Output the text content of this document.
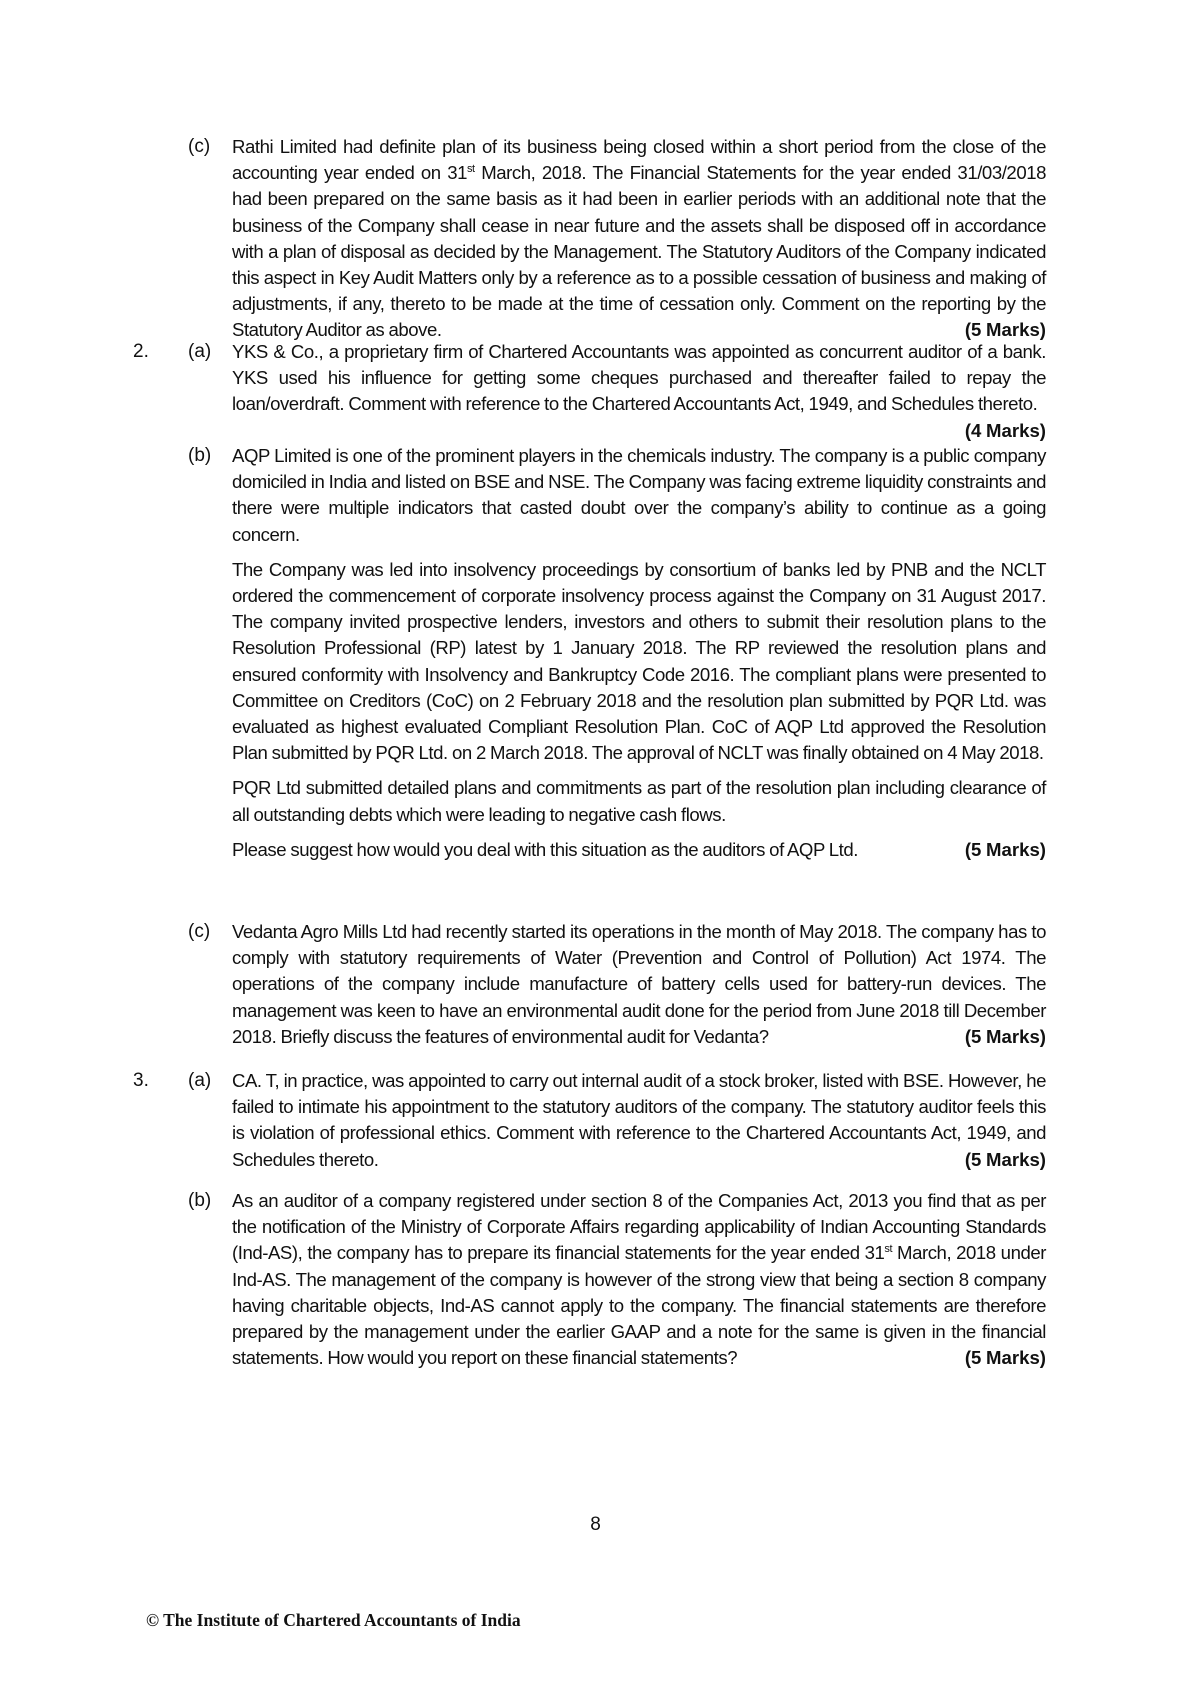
(c) Rathi Limited had definite plan of its business being closed within a short period from the close of the accounting year ended on 31st March, 2018. The Financial Statements for the year ended 31/03/2018 had been prepared on the same basis as it had been in earlier periods with an additional note that the business of the Company shall cease in near future and the assets shall be disposed off in accordance with a plan of disposal as decided by the Management. The Statutory Auditors of the Company indicated this aspect in Key Audit Matters only by a reference as to a possible cessation of business and making of adjustments, if any, thereto to be made at the time of cessation only. Comment on the reporting by the Statutory Auditor as above.	(5 Marks)

2. (a) YKS & Co., a proprietary firm of Chartered Accountants was appointed as concurrent auditor of a bank. YKS used his influence for getting some cheques purchased and thereafter failed to repay the loan/overdraft. Comment with reference to the Chartered Accountants Act, 1949, and Schedules thereto.
(4 Marks)

(b) AQP Limited is one of the prominent players in the chemicals industry. The company is a public company domiciled in India and listed on BSE and NSE. The Company was facing extreme liquidity constraints and there were multiple indicators that casted doubt over the company’s ability to continue as a going concern.

The Company was led into insolvency proceedings by consortium of banks led by PNB and the NCLT ordered the commencement of corporate insolvency process against the Company on 31 August 2017. The company invited prospective lenders, investors and others to submit their resolution plans to the Resolution Professional (RP) latest by 1 January 2018. The RP reviewed the resolution plans and ensured conformity with Insolvency and Bankruptcy Code 2016. The compliant plans were presented to Committee on Creditors (CoC) on 2 February 2018 and the resolution plan submitted by PQR Ltd. was evaluated as highest evaluated Compliant Resolution Plan. CoC of AQP Ltd approved the Resolution Plan submitted by PQR Ltd. on 2 March 2018. The approval of NCLT was finally obtained on 4 May 2018.

PQR Ltd submitted detailed plans and commitments as part of the resolution plan including clearance of all outstanding debts which were leading to negative cash flows.

Please suggest how would you deal with this situation as the auditors of AQP Ltd.	(5 Marks)

(c) Vedanta Agro Mills Ltd had recently started its operations in the month of May 2018. The company has to comply with statutory requirements of Water (Prevention and Control of Pollution) Act 1974. The operations of the company include manufacture of battery cells used for battery-run devices. The management was keen to have an environmental audit done for the period from June 2018 till December 2018. Briefly discuss the features of environmental audit for Vedanta?	(5 Marks)

3. (a) CA. T, in practice, was appointed to carry out internal audit of a stock broker, listed with BSE. However, he failed to intimate his appointment to the statutory auditors of the company. The statutory auditor feels this is violation of professional ethics. Comment with reference to the Chartered Accountants Act, 1949, and Schedules thereto.	(5 Marks)

(b) As an auditor of a company registered under section 8 of the Companies Act, 2013 you find that as per the notification of the Ministry of Corporate Affairs regarding applicability of Indian Accounting Standards (Ind-AS), the company has to prepare its financial statements for the year ended 31st March, 2018 under Ind-AS. The management of the company is however of the strong view that being a section 8 company having charitable objects, Ind-AS cannot apply to the company. The financial statements are therefore prepared by the management under the earlier GAAP and a note for the same is given in the financial statements. How would you report on these financial statements?	(5 Marks)

8
© The Institute of Chartered Accountants of India
